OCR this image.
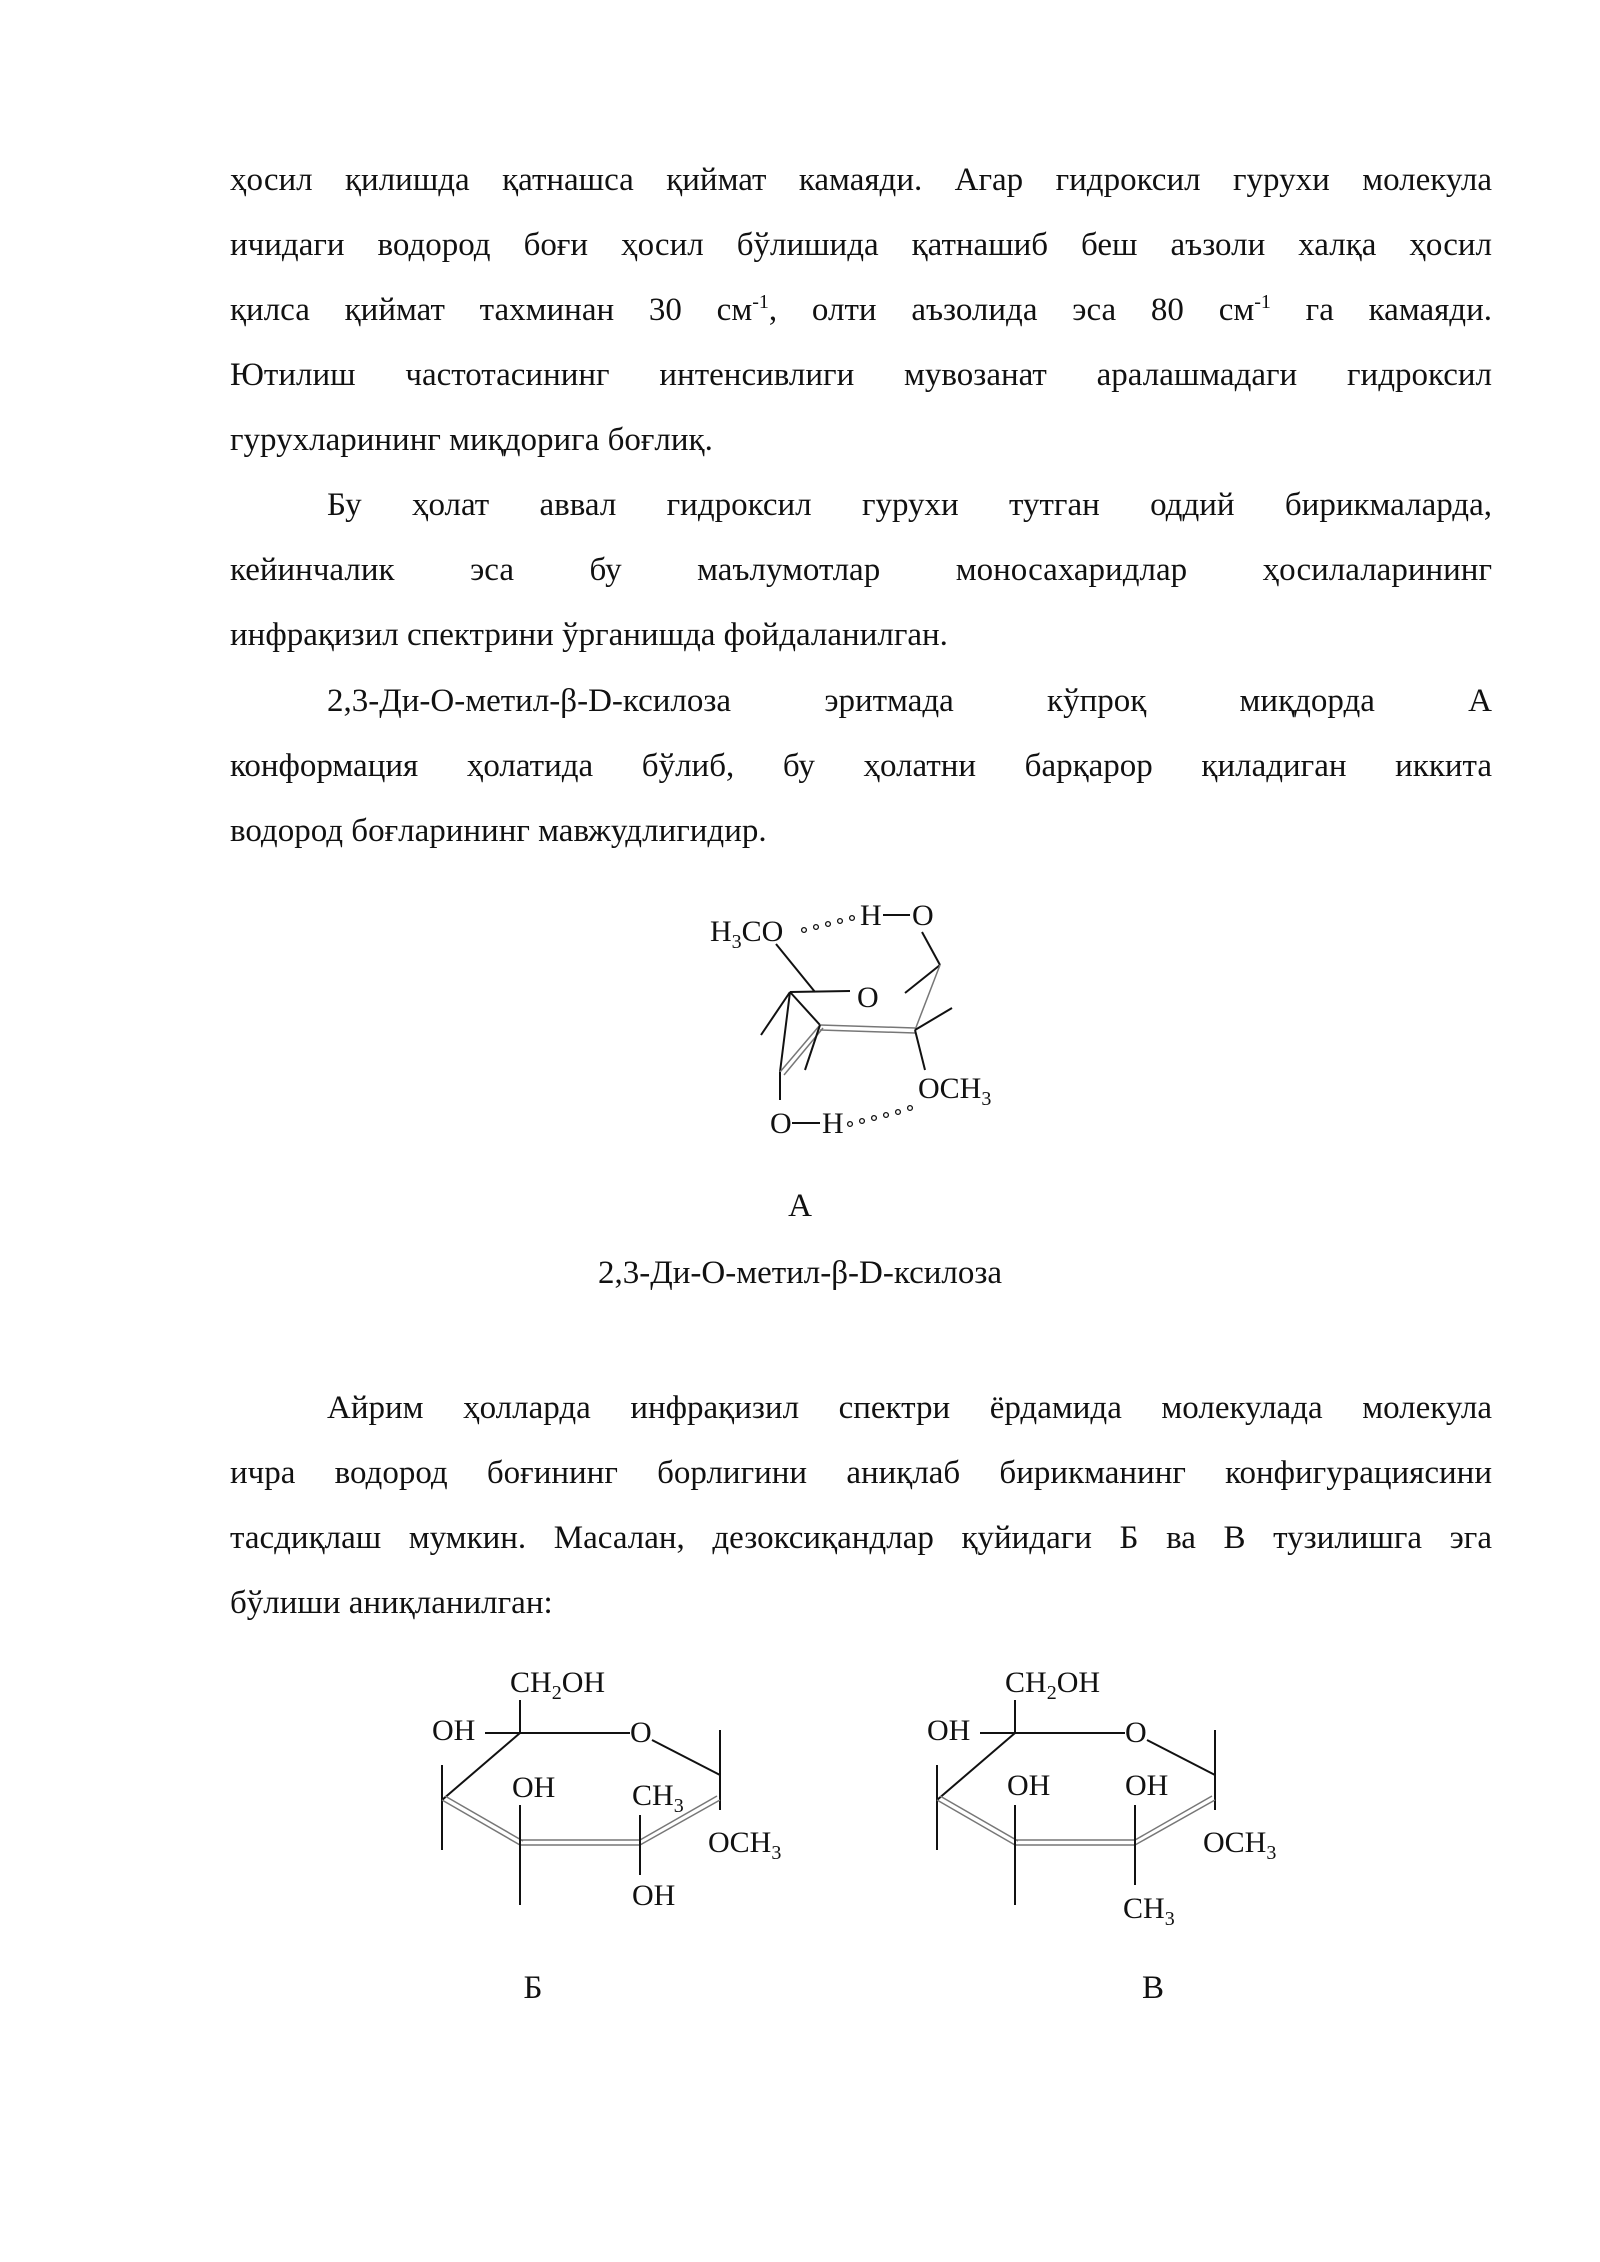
ҳосил қилишда қатнашса қиймат камаяди. Агар гидроксил гурухи молекула
ичидаги водород боғи ҳосил бўлишида қатнашиб беш аъзоли халқа ҳосил
қилса қиймат тахминан 30 $см^{-1}$, олти аъзолида эса 80 $см^{-1}$ га камаяди.
Ютилиш частотасининг интенсивлиги мувозанат аралашмадаги гидроксил
гурухларининг миқдорига боғлиқ.
Бу ҳолат аввал гидроксил гурухи тутган оддий бирикмаларда,
кейинчалик эса бу маълумотлар моносахаридлар ҳосилаларининг
инфрақизил спектрини ўрганишда фойдаланилган.
2,3-Ди-О-метил-β-D-ксилоза эритмада кўпроқ миқдорда А
конформация ҳолатида бўлиб, бу ҳолатни барқарор қиладиган иккита
водород боғларининг мавжудлигидир.
$H_3CO$	H O
O
$OCH_3$
O H

А

2,3-Ди-О-метил-β-D-ксилоза

Айрим ҳолларда инфрақизил спектри ёрдамида молекулада молекула
ичра водород боғининг борлигини аниқлаб бирикманинг конфигурациясини
тасдиқлаш мумкин. Масалан, дезоксиқандлар қуйидаги Б ва В тузилишга эга
бўлиши аниқланилган:
$CH_2OH$
OH	O
OH	$CH_3$
OH
$OCH_3$

Б

$CH_2OH$
OH	O
OH OH
$CH_3$
$OCH_3$

В
